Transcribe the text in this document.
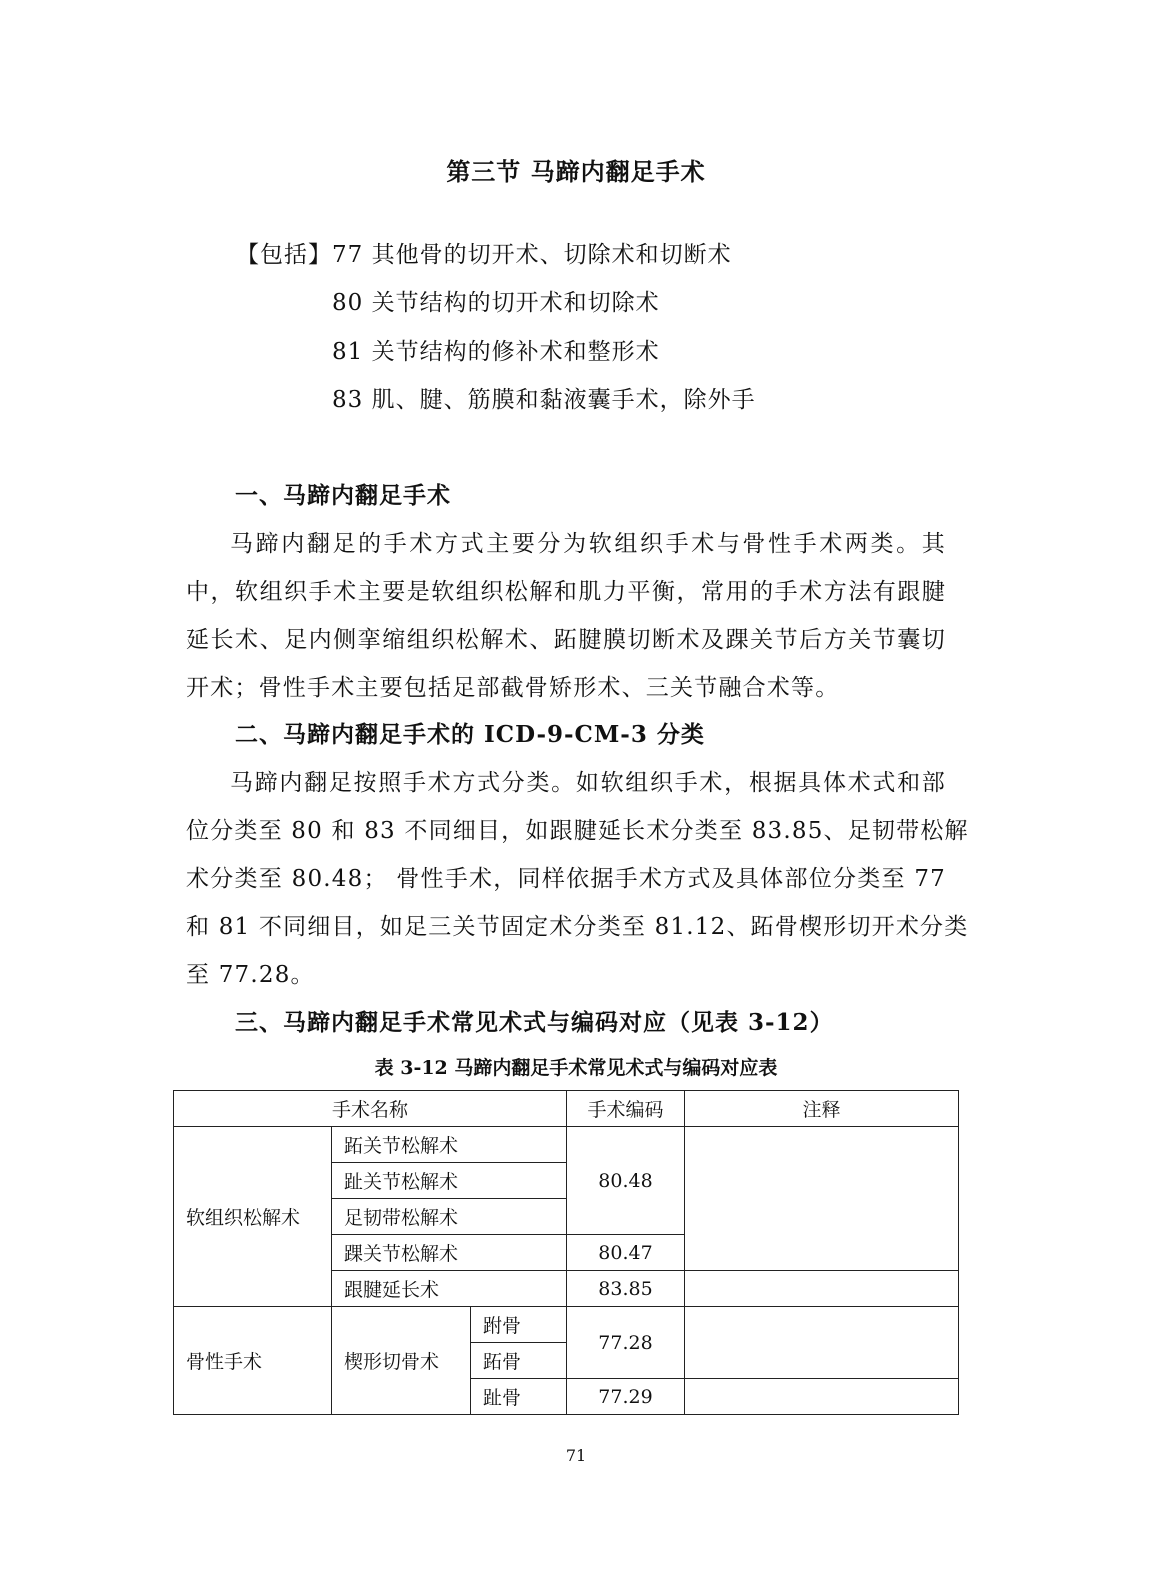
第三节 马蹄内翻足手术
【包括】 77 其他骨的切开术、切除术和切断术
80 关节结构的切开术和切除术
81 关节结构的修补术和整形术
83 肌、腱、筋膜和黏液囊手术，除外手
一、马蹄内翻足手术
马蹄内翻足的手术方式主要分为软组织手术与骨性手术两类。其
中，软组织手术主要是软组织松解和肌力平衡，常用的手术方法有跟腱
延长术、足内侧挛缩组织松解术、跖腱膜切断术及踝关节后方关节囊切
开术；骨性手术主要包括足部截骨矫形术、三关节融合术等。
二、马蹄内翻足手术的 ICD-9-CM-3 分类
马蹄内翻足按照手术方式分类。如软组织手术，根据具体术式和部
位分类至 80 和 83 不同细目，如跟腱延长术分类至 83.85、足韧带松解
术分类至 80.48； 骨性手术，同样依据手术方式及具体部位分类至 77
和 81 不同细目，如足三关节固定术分类至 81.12、跖骨楔形切开术分类
至 77.28。
三、马蹄内翻足手术常见术式与编码对应（见表 3-12）
表 3-12 马蹄内翻足手术常见术式与编码对应表
手术名称			手术编码	注释
软组织松解术	跖关节松解术		80.48	
	趾关节松解术			
	足韧带松解术			
	踝关节松解术		80.47	
	跟腱延长术		83.85	
骨性手术	楔形切骨术	跗骨	77.28	
		跖骨		
		趾骨	77.29	
71
